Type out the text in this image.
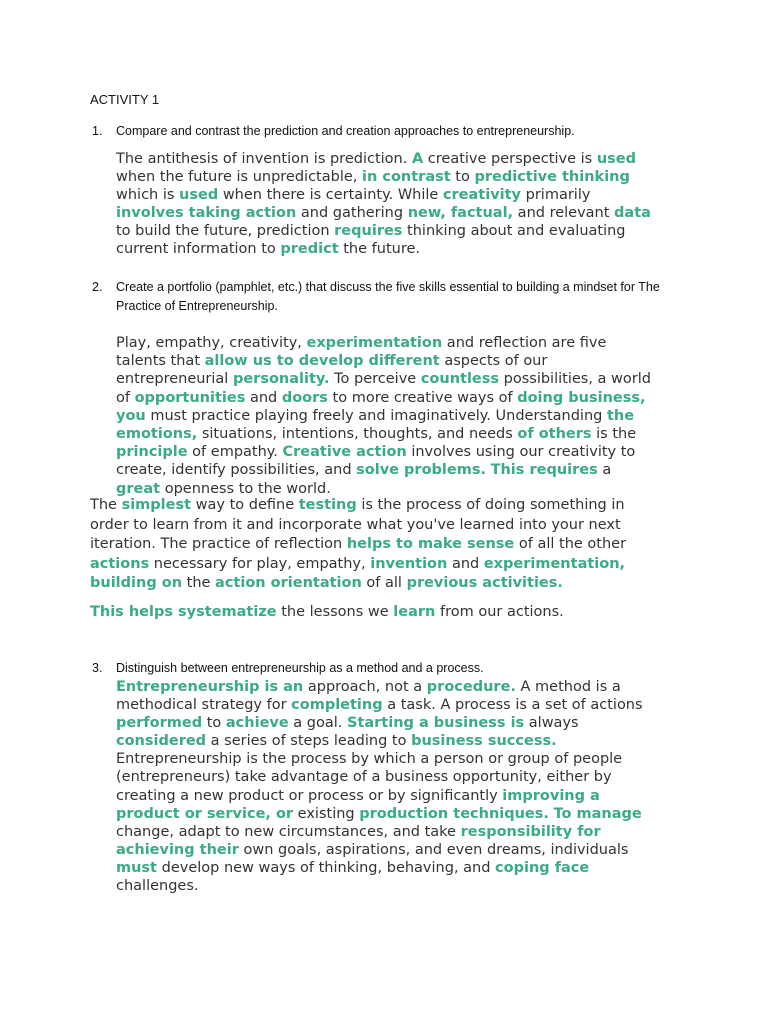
ACTIVITY 1
1. Compare and contrast the prediction and creation approaches to entrepreneurship.
The antithesis of invention is prediction. A creative perspective is used
when the future is unpredictable, in contrast to predictive thinking
which is used when there is certainty. While creativity primarily
involves taking action and gathering new, factual, and relevant data
to build the future, prediction requires thinking about and evaluating
current information to predict the future.
2. Create a portfolio (pamphlet, etc.) that discuss the five skills essential to building a mindset for The Practice of Entrepreneurship.
Play, empathy, creativity, experimentation and reflection are five
talents that allow us to develop different aspects of our
entrepreneurial personality. To perceive countless possibilities, a world
of opportunities and doors to more creative ways of doing business,
you must practice playing freely and imaginatively. Understanding the
emotions, situations, intentions, thoughts, and needs of others is the
principle of empathy. Creative action involves using our creativity to
create, identify possibilities, and solve problems. This requires a
great openness to the world.
The simplest way to define testing is the process of doing something in
order to learn from it and incorporate what you've learned into your next
iteration. The practice of reflection helps to make sense of all the other
actions necessary for play, empathy, invention and experimentation,
building on the action orientation of all previous activities.
This helps systematize the lessons we learn from our actions.
3. Distinguish between entrepreneurship as a method and a process.
Entrepreneurship is an approach, not a procedure. A method is a
methodical strategy for completing a task. A process is a set of actions
performed to achieve a goal. Starting a business is always
considered a series of steps leading to business success.
Entrepreneurship is the process by which a person or group of people
(entrepreneurs) take advantage of a business opportunity, either by
creating a new product or process or by significantly improving a
product or service, or existing production techniques. To manage
change, adapt to new circumstances, and take responsibility for
achieving their own goals, aspirations, and even dreams, individuals
must develop new ways of thinking, behaving, and coping face
challenges.
